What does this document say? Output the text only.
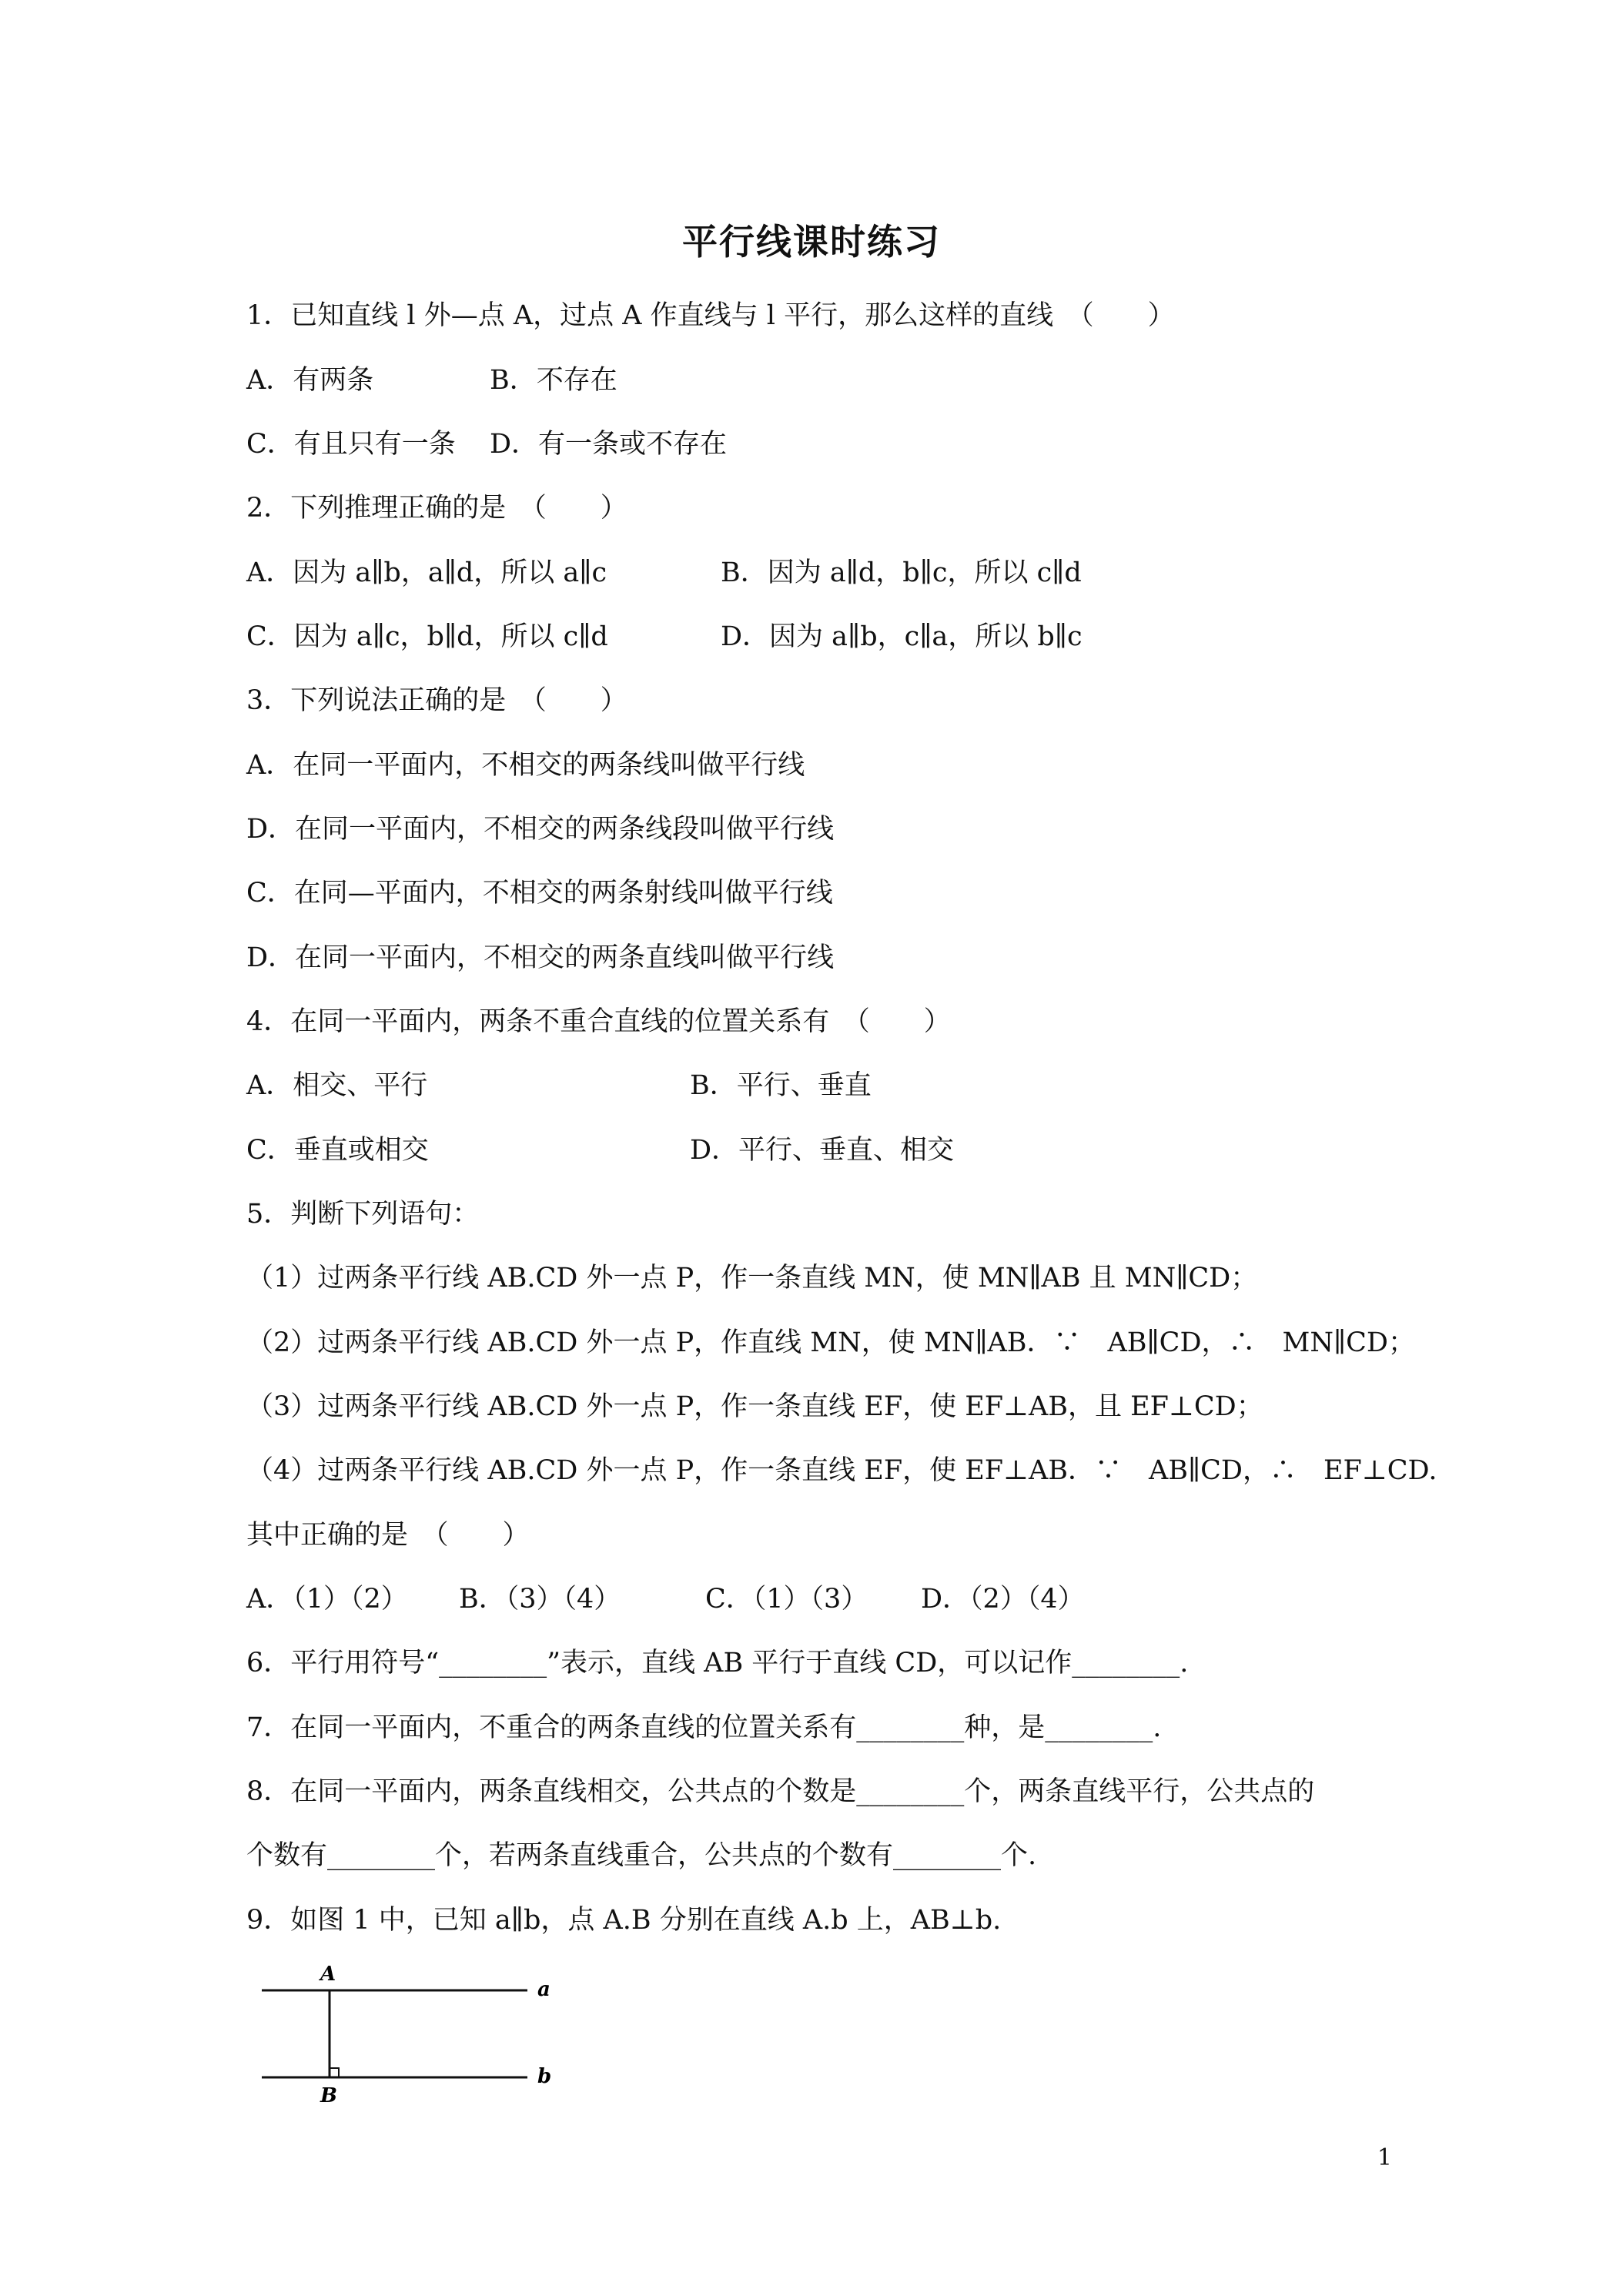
平行线课时练习
1．已知直线 l 外—点 A，过点 A 作直线与 l 平行，那么这样的直线　（　　）
A．有两条	B．不存在
C．有且只有一条 D．有一条或不存在
2．下列推理正确的是　（　　）
A．因为 a∥b，a∥d，所以 a∥c	B．因为 a∥d，b∥c，所以 c∥d
C．因为 a∥c，b∥d，所以 c∥d	D．因为 a∥b，c∥a，所以 b∥c
3．下列说法正确的是　（　　）
A．在同一平面内，不相交的两条线叫做平行线
D．在同一平面内，不相交的两条线段叫做平行线
C．在同—平面内，不相交的两条射线叫做平行线
D．在同一平面内，不相交的两条直线叫做平行线
4．在同一平面内，两条不重合直线的位置关系有　（　　）
A．相交、平行	B．平行、垂直
C．垂直或相交	D．平行、垂直、相交
5．判断下列语句：
（1）过两条平行线 AB.CD 外一点 P，作一条直线 MN，使 MN∥AB 且 MN∥CD；
（2）过两条平行线 AB.CD 外一点 P，作直线 MN，使 MN∥AB．∵　AB∥CD，∴　MN∥CD；
（3）过两条平行线 AB.CD 外一点 P，作一条直线 EF，使 EF⊥AB，且 EF⊥CD；
（4）过两条平行线 AB.CD 外一点 P，作一条直线 EF，使 EF⊥AB．∵　AB∥CD，∴　EF⊥CD.
其中正确的是　（　　）
A．（1）（2） B．（3）（4）	C．（1）（3） D．（2）（4）
6．平行用符号“________”表示，直线 AB 平行于直线 CD，可以记作________.
7．在同一平面内，不重合的两条直线的位置关系有________种，是________.
8．在同一平面内，两条直线相交，公共点的个数是________个，两条直线平行，公共点的
个数有________个，若两条直线重合，公共点的个数有________个.
9．如图 1 中，已知 a∥b，点 A.B 分别在直线 A.b 上，AB⊥b.
A
B
a
b
1
